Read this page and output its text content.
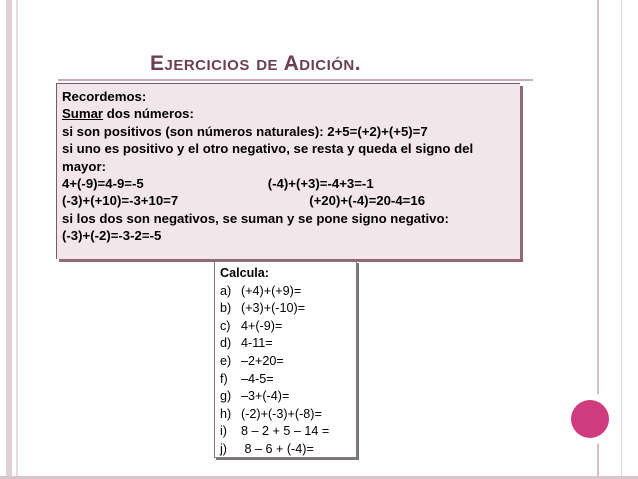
Ejercicios de Adición.
Recordemos:
Sumar dos números:
si son positivos (son números naturales): 2+5=(+2)+(+5)=7
si uno es positivo y el otro negativo, se resta y queda el signo del
mayor:
4+(-9)=4-9=-5	(-4)+(+3)=-4+3=-1
(-3)+(+10)=-3+10=7	(+20)+(-4)=20-4=16
si los dos son negativos, se suman y se pone signo negativo:
(-3)+(-2)=-3-2=-5
Calcula:
a) (+4)+(+9)=
b) (+3)+(-10)=
c) 4+(-9)=
d) 4-11=
e) –2+20=
f) –4-5=
g) –3+(-4)=
h) (-2)+(-3)+(-8)=
i) 8 – 2 + 5 – 14 =
j) 8 – 6 + (-4)=
